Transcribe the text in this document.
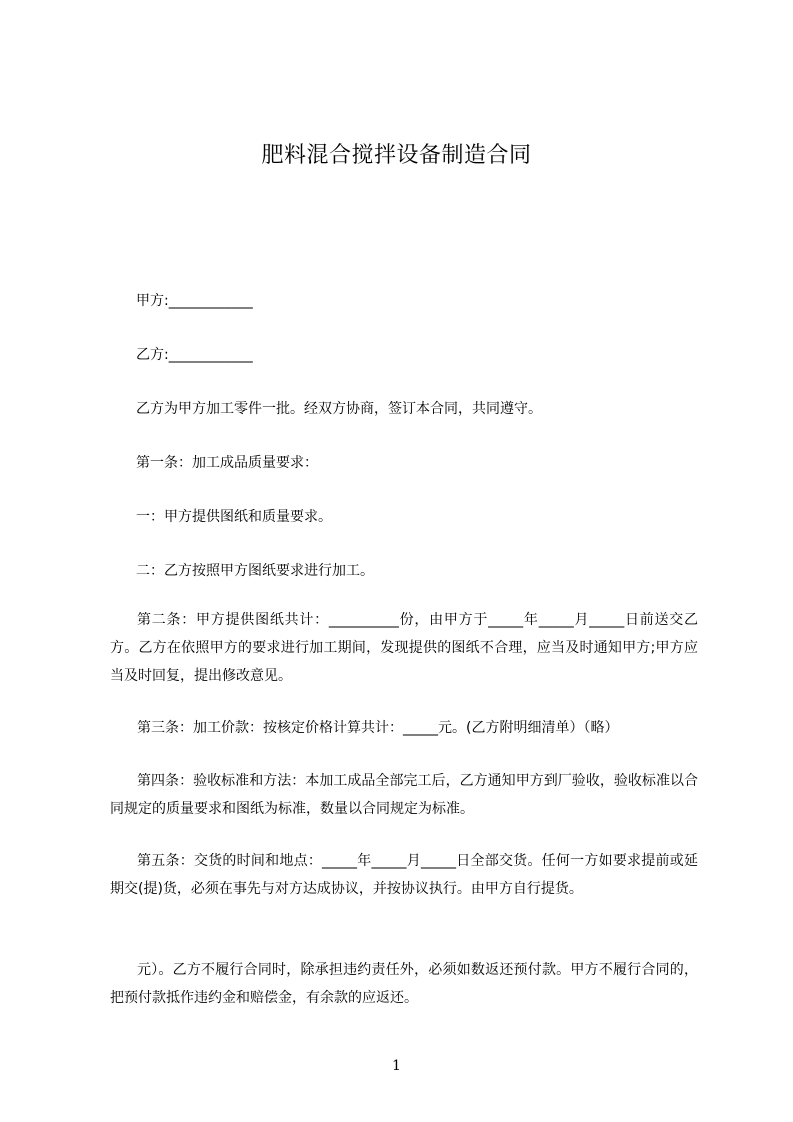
肥料混合搅拌设备制造合同
甲方:____________
乙方:____________
乙方为甲方加工零件一批。经双方协商，签订本合同，共同遵守。
第一条：加工成品质量要求：
一：甲方提供图纸和质量要求。
二：乙方按照甲方图纸要求进行加工。
第二条：甲方提供图纸共计：__________份，由甲方于_____年_____月_____日前送交乙方。乙方在依照甲方的要求进行加工期间，发现提供的图纸不合理，应当及时通知甲方;甲方应当及时回复，提出修改意见。
第三条：加工价款：按核定价格计算共计：_____元。(乙方附明细清单）（略）
第四条：验收标准和方法：本加工成品全部完工后，乙方通知甲方到厂验收，验收标准以合同规定的质量要求和图纸为标准，数量以合同规定为标准。
第五条：交货的时间和地点：_____年_____月_____日全部交货。任何一方如要求提前或延期交(提)货，必须在事先与对方达成协议，并按协议执行。由甲方自行提货。
元）。乙方不履行合同时，除承担违约责任外，必须如数返还预付款。甲方不履行合同的，把预付款抵作违约金和赔偿金，有余款的应返还。
1
